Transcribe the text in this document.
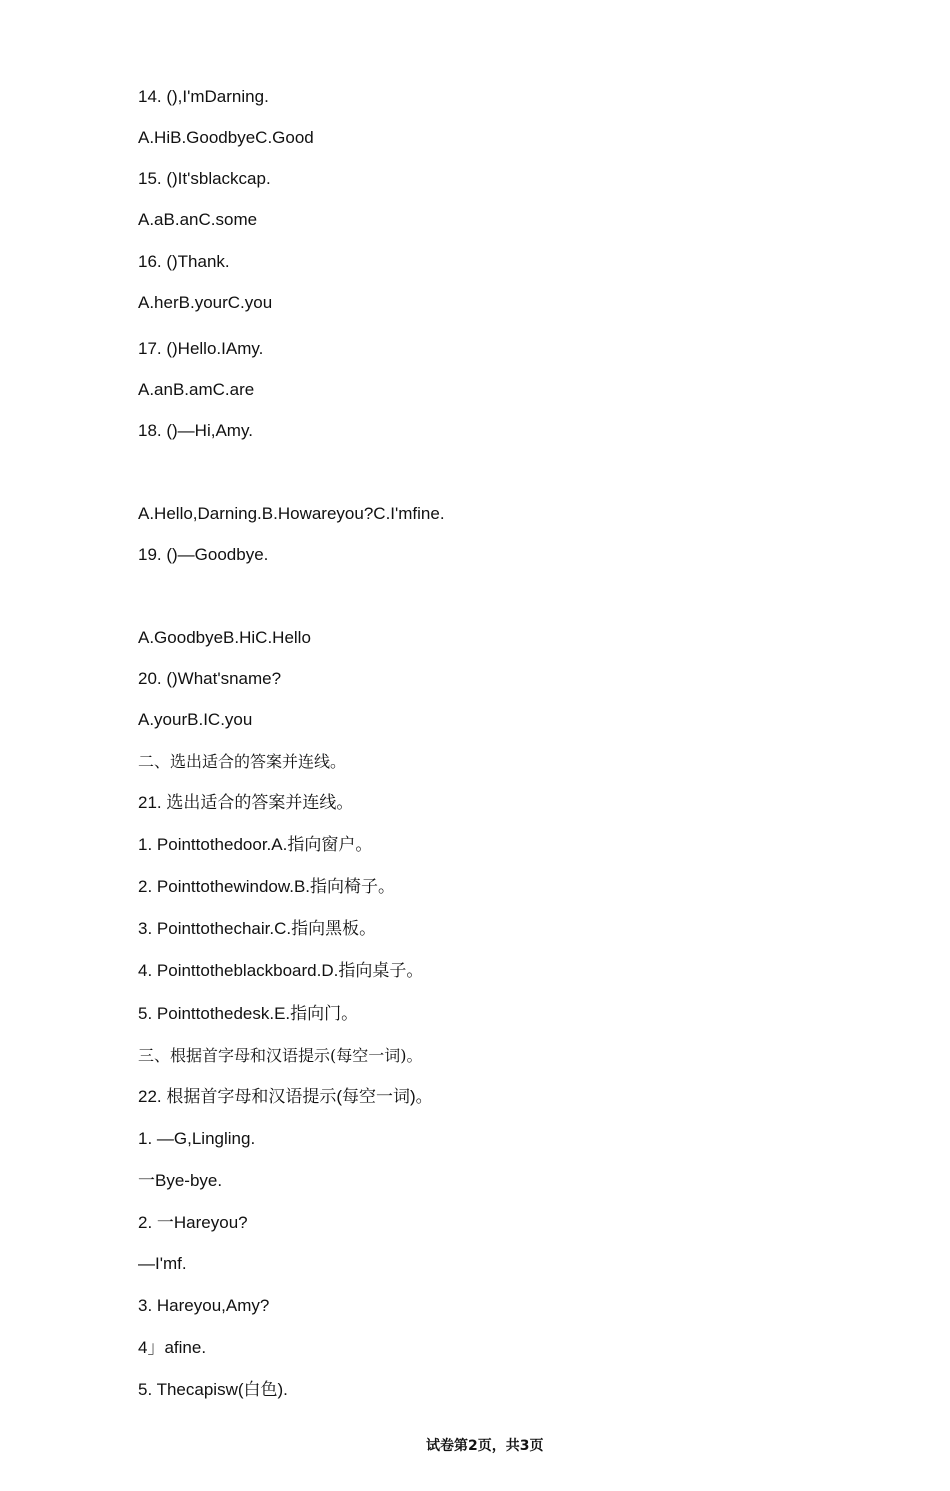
14. (),I'mDarning.
A.HiB.GoodbyeC.Good
15. ()It'sblackcap.
A.aB.anC.some
16. ()Thank.
A.herB.yourC.you
17. ()Hello.IAmy.
A.anB.amC.are
18. ()—Hi,Amy.
A.Hello,Darning.B.Howareyou?C.I'mfine.
19. ()—Goodbye.
A.GoodbyeB.HiC.Hello
20. ()What'sname?
A.yourB.IC.you
二、选出适合的答案并连线。
21. 选出适合的答案并连线。
1. Pointtothedoor.A.指向窗户。
2. Pointtothewindow.B.指向椅子。
3. Pointtothechair.C.指向黑板。
4. Pointtotheblackboard.D.指向桌子。
5. Pointtothedesk.E.指向门。
三、根据首字母和汉语提示(每空一词)。
22. 根据首字母和汉语提示(每空一词)。
1. —G,Lingling.
一Bye-bye.
2. 一Hareyou?
—I'mf.
3. Hareyou,Amy?
4」afine.
5. Thecapisw(白色).
试卷第2页，共3页
